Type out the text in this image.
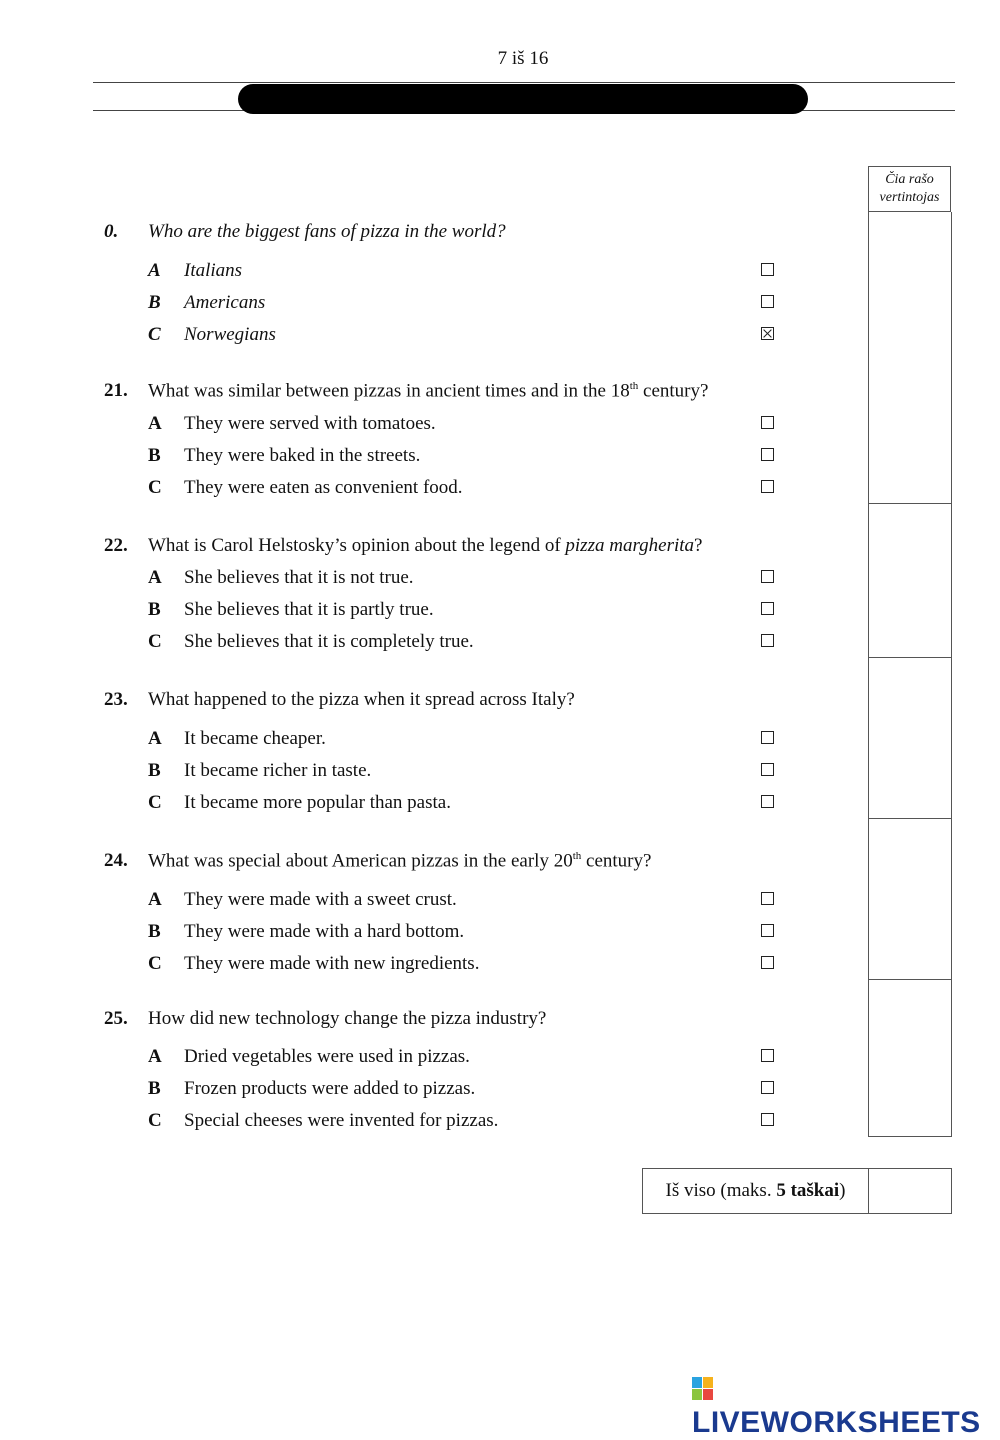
7 iš 16
Čia rašo
vertintojas
0. Who are the biggest fans of pizza in the world?
A Italians
B Americans
C Norwegians
21. What was similar between pizzas in ancient times and in the 18th century?
A They were served with tomatoes.
B They were baked in the streets.
C They were eaten as convenient food.
22. What is Carol Helstosky’s opinion about the legend of pizza margherita?
A She believes that it is not true.
B She believes that it is partly true.
C She believes that it is completely true.
23. What happened to the pizza when it spread across Italy?
A It became cheaper.
B It became richer in taste.
C It became more popular than pasta.
24. What was special about American pizzas in the early 20th century?
A They were made with a sweet crust.
B They were made with a hard bottom.
C They were made with new ingredients.
25. How did new technology change the pizza industry?
A Dried vegetables were used in pizzas.
B Frozen products were added to pizzas.
C Special cheeses were invented for pizzas.
Iš viso (maks. 5 taškai)
LIVEWORKSHEETS
